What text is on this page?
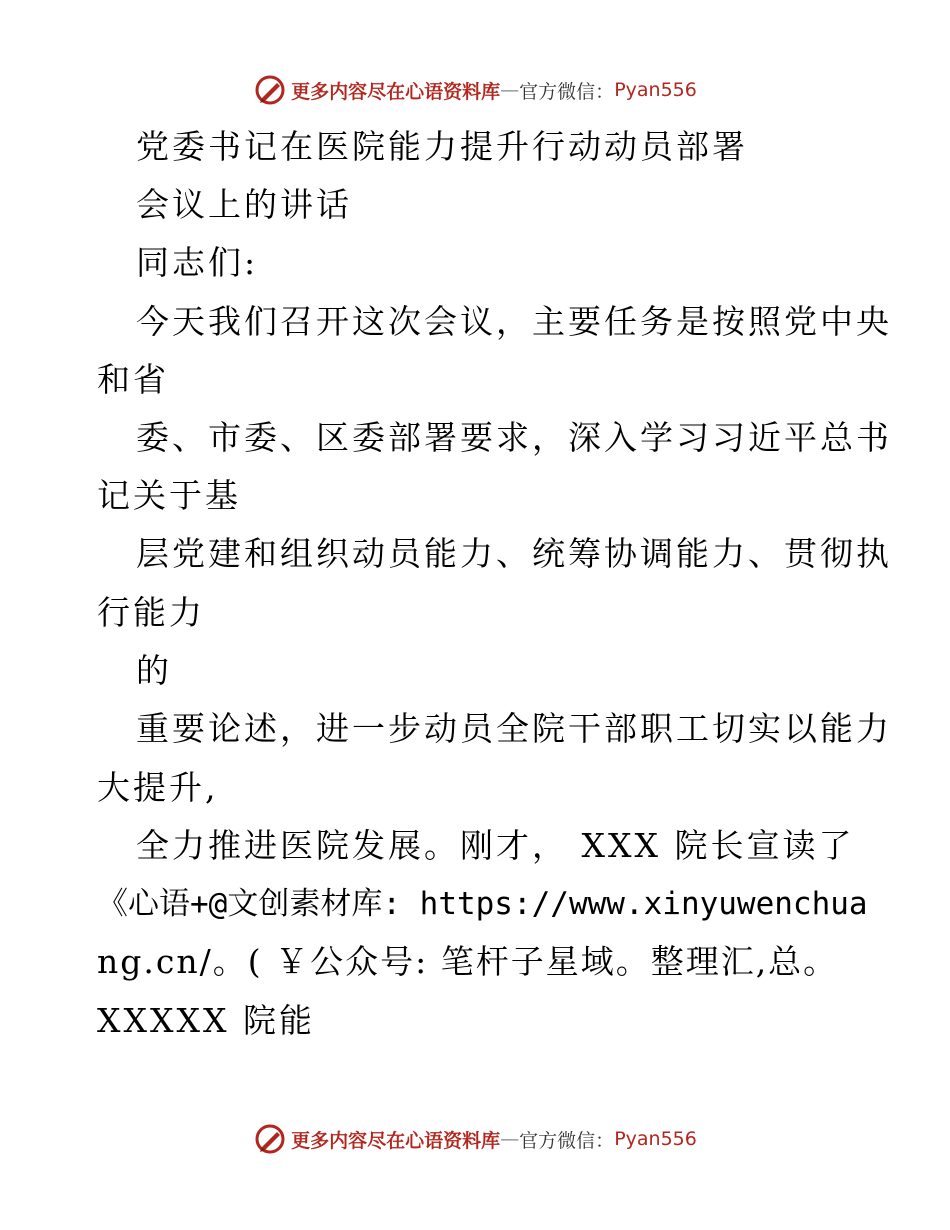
更多内容尽在心语资料库 — 官方微信： Pyan556
党委书记在医院能力提升行动动员部署
会议上的讲话
同志们:
今天我们召开这次会议，主要任务是按照党中央
和省
委、市委、区委部署要求，深入学习习近平总书
记关于基
层党建和组织动员能力、统筹协调能力、贯彻执
行能力
的
重要论述，进一步动员全院干部职工切实以能力
大提升,
全力推进医院发展。刚才， XXX 院长宣读了
《心语+@文创素材库: https://www.xinyuwenchua
ng.cn/。( ￥公众号: 笔杆子星域。整理汇,总。
XXXXX 院能
更多内容尽在心语资料库 — 官方微信： Pyan556
